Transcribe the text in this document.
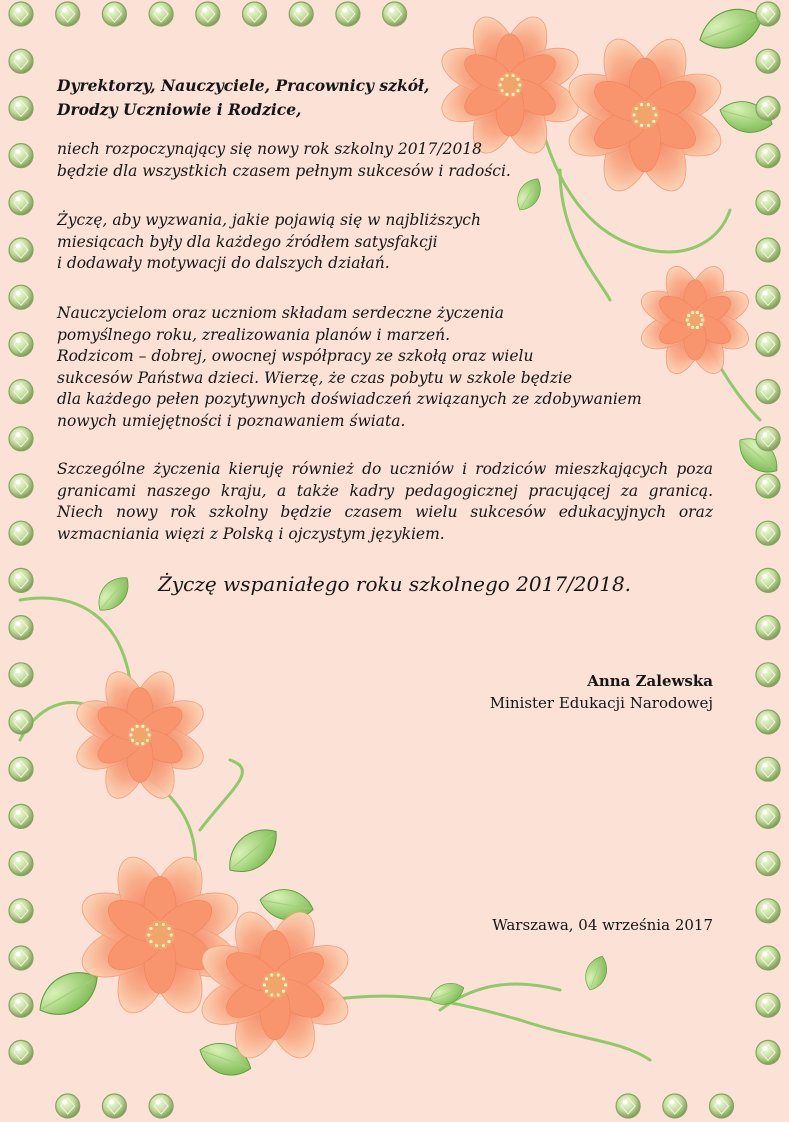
Dyrektorzy, Nauczyciele, Pracownicy szkół,
Drodzy Uczniowie i Rodzice,

niech rozpoczynający się nowy rok szkolny 2017/2018
będzie dla wszystkich czasem pełnym sukcesów i radości.

Życzę, aby wyzwania, jakie pojawią się w najbliższych
miesiącach były dla każdego źródłem satysfakcji
i dodawały motywacji do dalszych działań.

Nauczycielom oraz uczniom składam serdeczne życzenia
pomyślnego roku, zrealizowania planów i marzeń.
Rodzicom – dobrej, owocnej współpracy ze szkołą oraz wielu
sukcesów Państwa dzieci. Wierzę, że czas pobytu w szkole będzie
dla każdego pełen pozytywnych doświadczeń związanych ze zdobywaniem
nowych umiejętności i poznawaniem świata.

Szczególne życzenia kieruję również do uczniów i rodziców mieszkających poza granicami naszego kraju, a także kadry pedagogicznej pracującej za granicą. Niech nowy rok szkolny będzie czasem wielu sukcesów edukacyjnych oraz wzmacniania więzi z Polską i ojczystym językiem.

Życzę wspaniałego roku szkolnego 2017/2018.

Anna Zalewska

Minister Edukacji Narodowej

Warszawa, 04 września 2017
